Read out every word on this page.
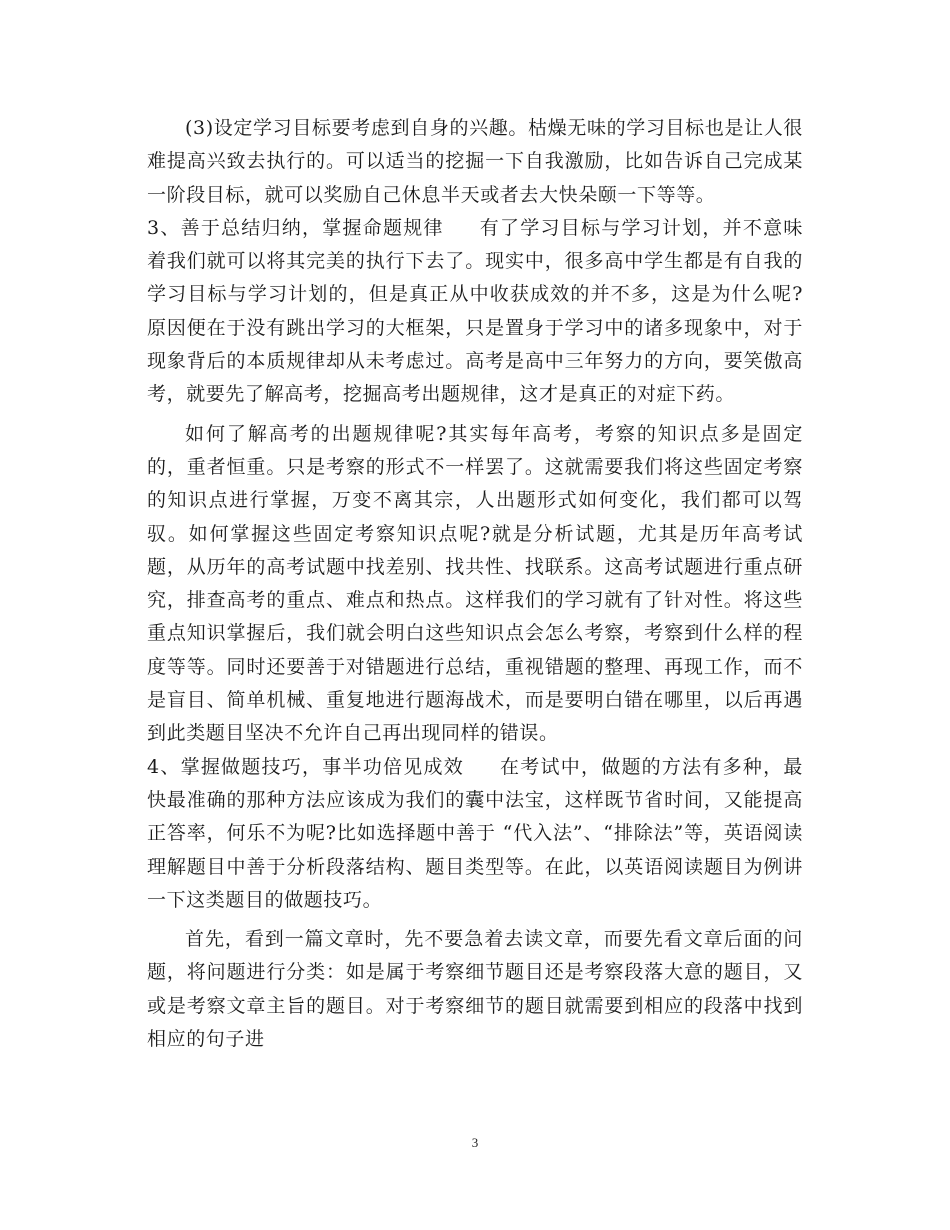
(3)设定学习目标要考虑到自身的兴趣。枯燥无味的学习目标也是让人很难提高兴致去执行的。可以适当的挖掘一下自我激励，比如告诉自己完成某一阶段目标，就可以奖励自己休息半天或者去大快朵颐一下等等。

3、善于总结归纳，掌握命题规律 有了学习目标与学习计划，并不意味着我们就可以将其完美的执行下去了。现实中，很多高中学生都是有自我的学习目标与学习计划的，但是真正从中收获成效的并不多，这是为什么呢?原因便在于没有跳出学习的大框架，只是置身于学习中的诸多现象中，对于现象背后的本质规律却从未考虑过。高考是高中三年努力的方向，要笑傲高考，就要先了解高考，挖掘高考出题规律，这才是真正的对症下药。

如何了解高考的出题规律呢?其实每年高考，考察的知识点多是固定的，重者恒重。只是考察的形式不一样罢了。这就需要我们将这些固定考察的知识点进行掌握，万变不离其宗，人出题形式如何变化，我们都可以驾驭。如何掌握这些固定考察知识点呢?就是分析试题，尤其是历年高考试题，从历年的高考试题中找差别、找共性、找联系。这高考试题进行重点研究，排查高考的重点、难点和热点。这样我们的学习就有了针对性。将这些重点知识掌握后，我们就会明白这些知识点会怎么考察，考察到什么样的程度等等。同时还要善于对错题进行总结，重视错题的整理、再现工作，而不是盲目、简单机械、重复地进行题海战术，而是要明白错在哪里，以后再遇到此类题目坚决不允许自己再出现同样的错误。

4、掌握做题技巧，事半功倍见成效 在考试中，做题的方法有多种，最快最准确的那种方法应该成为我们的囊中法宝，这样既节省时间，又能提高正答率，何乐不为呢?比如选择题中善于 “代入法”、“排除法”等，英语阅读理解题目中善于分析段落结构、题目类型等。在此，以英语阅读题目为例讲一下这类题目的做题技巧。

首先，看到一篇文章时，先不要急着去读文章，而要先看文章后面的问题，将问题进行分类：如是属于考察细节题目还是考察段落大意的题目，又或是考察文章主旨的题目。对于考察细节的题目就需要到相应的段落中找到相应的句子进

3
